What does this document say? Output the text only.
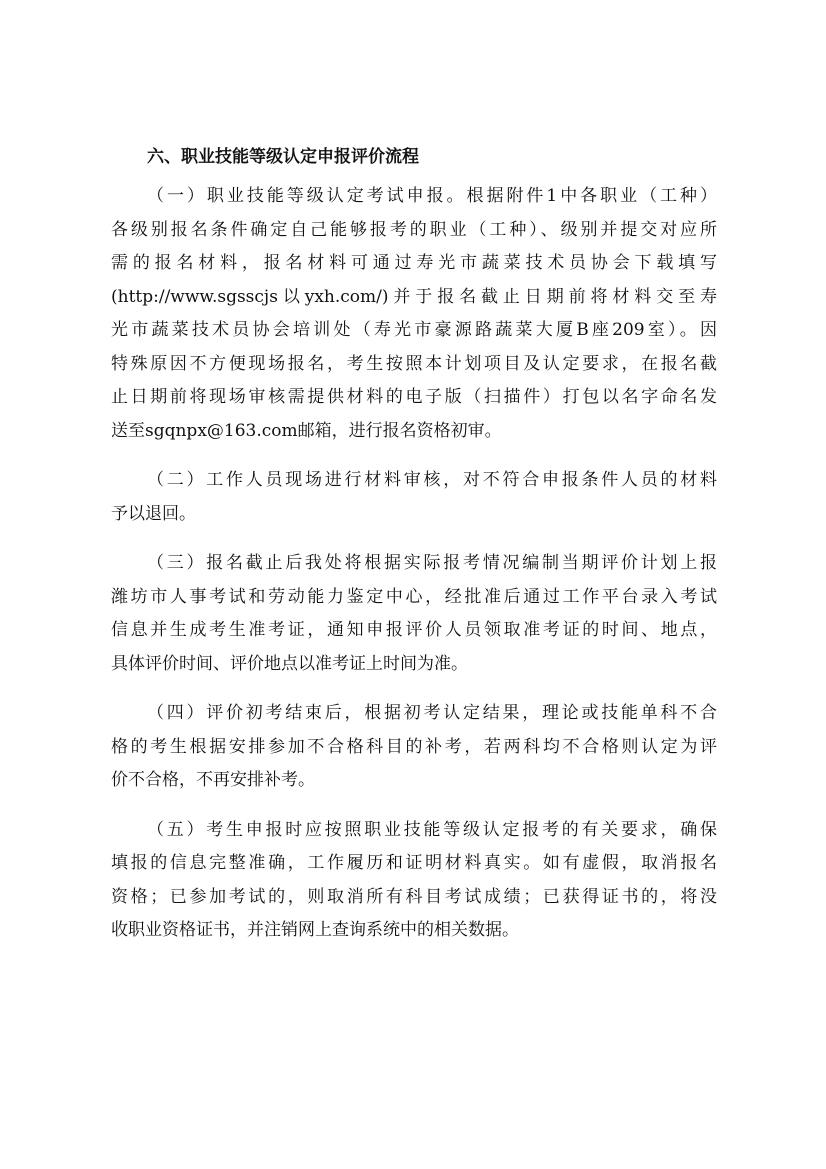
六、职业技能等级认定申报评价流程
（一）职业技能等级认定考试申报。根据附件1中各职业（工种）
各级别报名条件确定自己能够报考的职业（工种）、级别并提交对应所
需的报名材料，报名材料可通过寿光市蔬菜技术员协会下载填写
(http://www.sgsscjs以yxh.com/)并于报名截止日期前将材料交至寿
光市蔬菜技术员协会培训处（寿光市豪源路蔬菜大厦B座209室）。因
特殊原因不方便现场报名，考生按照本计划项目及认定要求，在报名截
止日期前将现场审核需提供材料的电子版（扫描件）打包以名字命名发
送至sgqnpx@163.com邮箱，进行报名资格初审。
（二）工作人员现场进行材料审核，对不符合申报条件人员的材料
予以退回。
（三）报名截止后我处将根据实际报考情况编制当期评价计划上报
潍坊市人事考试和劳动能力鉴定中心，经批准后通过工作平台录入考试
信息并生成考生准考证，通知申报评价人员领取准考证的时间、地点，
具体评价时间、评价地点以准考证上时间为准。
（四）评价初考结束后，根据初考认定结果，理论或技能单科不合
格的考生根据安排参加不合格科目的补考，若两科均不合格则认定为评
价不合格，不再安排补考。
（五）考生申报时应按照职业技能等级认定报考的有关要求，确保
填报的信息完整准确，工作履历和证明材料真实。如有虚假，取消报名
资格；已参加考试的，则取消所有科目考试成绩；已获得证书的，将没
收职业资格证书，并注销网上查询系统中的相关数据。
